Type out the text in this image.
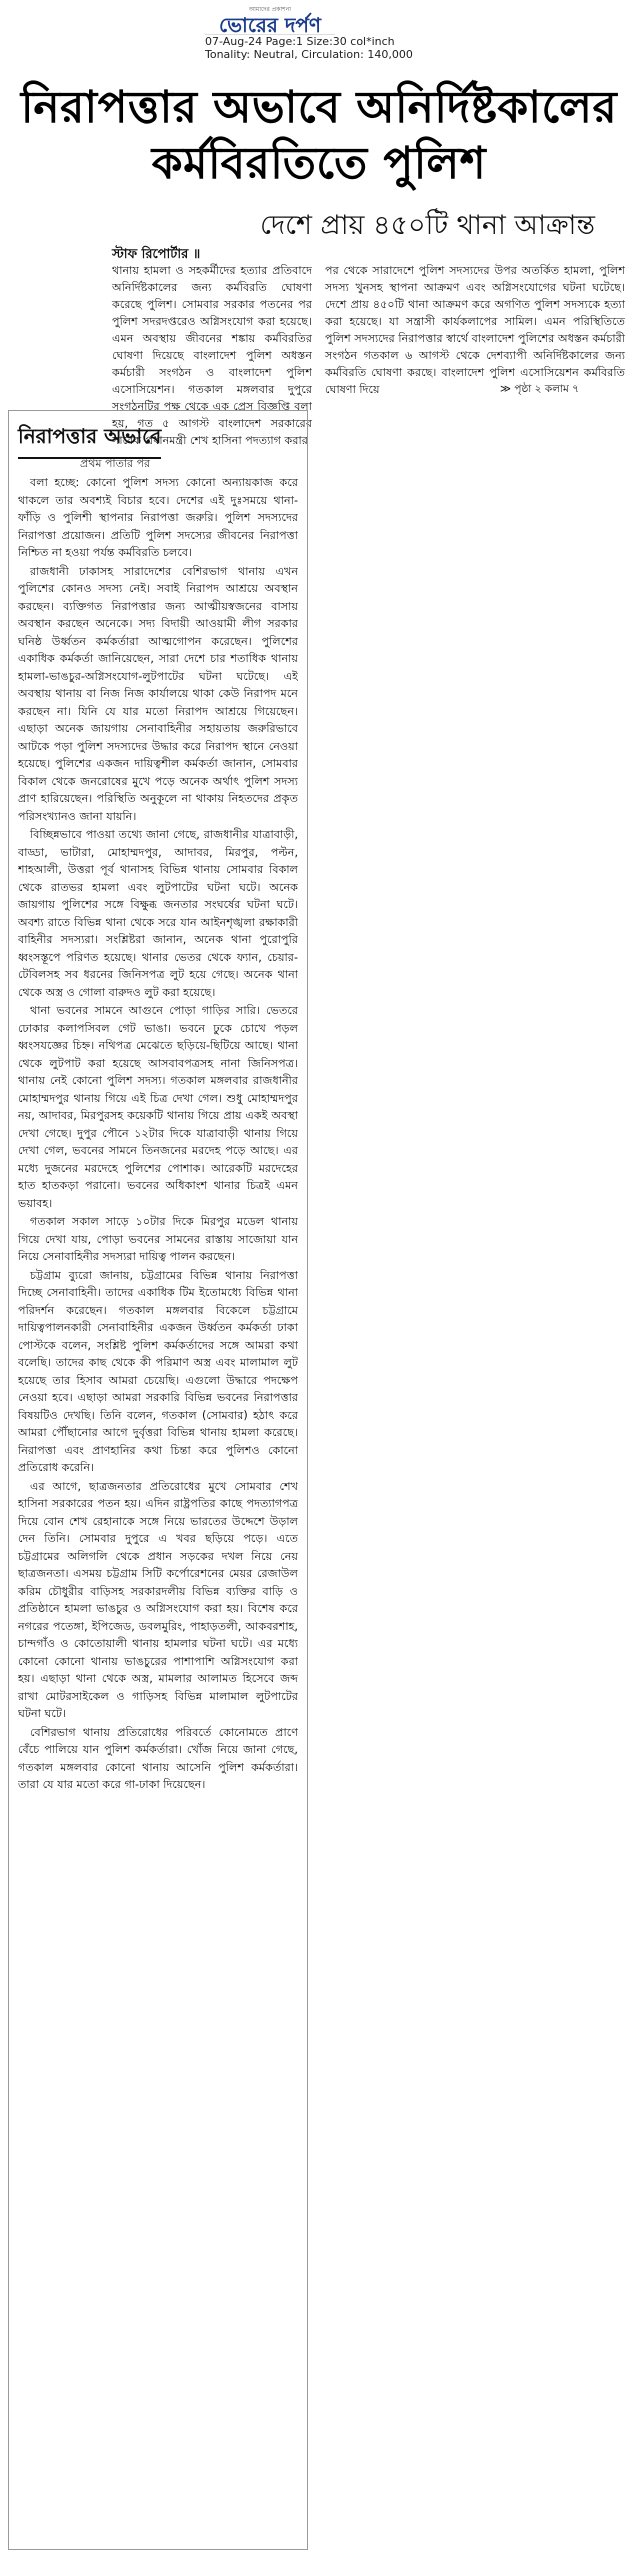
আমাদের প্রকাশনা
ভোরের দর্পণ
07-Aug-24 Page:1 Size:30 col*inch
Tonality: Neutral, Circulation: 140,000
নিরাপত্তার অভাবে অনির্দিষ্টকালের কর্মবিরতিতে পুলিশ
দেশে প্রায় ৪৫০টি থানা আক্রান্ত
স্টাফ রিপোর্টার ॥
থানায় হামলা ও সহকর্মীদের হত্যার প্রতিবাদে অনির্দিষ্টকালের জন্য কর্মবিরতি ঘোষণা করেছে পুলিশ। সোমবার সরকার পতনের পর পুলিশ সদরদপ্তরেও অগ্নিসংযোগ করা হয়েছে। এমন অবস্থায় জীবনের শঙ্কায় কর্মবিরতির ঘোষণা দিয়েছে বাংলাদেশ পুলিশ অধস্তন কর্মচারী সংগঠন ও বাংলাদেশ পুলিশ এসোসিয়েশন। গতকাল মঙ্গলবার দুপুরে সংগঠনটির পক্ষ থেকে এক প্রেস বিজ্ঞপ্তি বলা হয়, গত ৫ আগস্ট বাংলাদেশ সরকারের সাবেক প্রধানমন্ত্রী শেখ হাসিনা পদত্যাগ করার
পর থেকে সারাদেশে পুলিশ সদস্যদের উপর অতর্কিত হামলা, পুলিশ সদস্য খুনসহ স্থাপনা আক্রমণ এবং অগ্নিসংযোগের ঘটনা ঘটেছে। দেশে প্রায় ৪৫০টি থানা আক্রমণ করে অগণিত পুলিশ সদস্যকে হত্যা করা হয়েছে। যা সন্ত্রাসী কার্যকলাপের সামিল। এমন পরিস্থিতিতে পুলিশ সদস্যদের নিরাপত্তার স্বার্থে বাংলাদেশ পুলিশের অধস্তন কর্মচারী সংগঠন গতকাল ৬ আগস্ট থেকে দেশব্যাপী অনির্দিষ্টকালের জন্য কর্মবিরতি ঘোষণা করছে। বাংলাদেশ পুলিশ এসোসিয়েশন কর্মবিরতি ঘোষণা দিয়ে	≫ পৃষ্ঠা ২ কলাম ৭
নিরাপত্তার অভাবে
প্রথম পাতার পর

বলা হচ্ছে: কোনো পুলিশ সদস্য কোনো অন্যায়কাজ করে থাকলে তার অবশ্যই বিচার হবে। দেশের এই দুঃসময়ে থানা-ফাঁড়ি ও পুলিশী স্থাপনার নিরাপত্তা জরুরি। পুলিশ সদস্যদের নিরাপত্তা প্রয়োজন। প্রতিটি পুলিশ সদস্যের জীবনের নিরাপত্তা নিশ্চিত না হওয়া পর্যন্ত কর্মবিরতি চলবে।

রাজধানী ঢাকাসহ সারাদেশের বেশিরভাগ থানায় এখন পুলিশের কোনও সদস্য নেই। সবাই নিরাপদ আশ্রয়ে অবস্থান করছেন। ব্যক্তিগত নিরাপত্তার জন্য আত্মীয়স্বজনের বাসায় অবস্থান করছেন অনেকে। সদ্য বিদায়ী আওয়ামী লীগ সরকার ঘনিষ্ঠ উর্ধ্বতন কর্মকর্তারা আত্মগোপন করেছেন। পুলিশের একাধিক কর্মকর্তা জানিয়েছেন, সারা দেশে চার শতাধিক থানায় হামলা-ভাঙচুর-অগ্নিসংযোগ-লুটপাটের ঘটনা ঘটেছে। এই অবস্থায় থানায় বা নিজ নিজ কার্যালয়ে থাকা কেউ নিরাপদ মনে করছেন না। যিনি যে যার মতো নিরাপদ আশ্রয়ে গিয়েছেন। এছাড়া অনেক জায়গায় সেনাবাহিনীর সহায়তায় জরুরিভাবে আটকে পড়া পুলিশ সদস্যদের উদ্ধার করে নিরাপদ স্থানে নেওয়া হয়েছে। পুলিশের একজন দায়িত্বশীল কর্মকর্তা জানান, সোমবার বিকাল থেকে জনরোষের মুখে পড়ে অনেক অর্থাৎ পুলিশ সদস্য প্রাণ হারিয়েছেন। পরিস্থিতি অনুকূলে না থাকায় নিহতদের প্রকৃত পরিসংখ্যানও জানা যায়নি।

বিচ্ছিন্নভাবে পাওয়া তথ্যে জানা গেছে, রাজধানীর যাত্রাবাড়ী, বাড্ডা, ভাটারা, মোহাম্মদপুর, আদাবর, মিরপুর, পল্টন, শাহআলী, উত্তরা পূর্ব থানাসহ বিভিন্ন থানায় সোমবার বিকাল থেকে রাতভর হামলা এবং লুটপাটের ঘটনা ঘটে। অনেক জায়গায় পুলিশের সঙ্গে বিক্ষুব্ধ জনতার সংঘর্ষের ঘটনা ঘটে। অবশ্য রাতে বিভিন্ন থানা থেকে সরে যান আইনশৃঙ্খলা রক্ষাকারী বাহিনীর সদস্যরা। সংশ্লিষ্টরা জানান, অনেক থানা পুরোপুরি ধ্বংসস্তূপে পরিণত হয়েছে। থানার ভেতর থেকে ফ্যান, চেয়ার-টেবিলসহ সব ধরনের জিনিসপত্র লুট হয়ে গেছে। অনেক থানা থেকে অস্ত্র ও গোলা বারুদও লুট করা হয়েছে।

থানা ভবনের সামনে আগুনে পোড়া গাড়ির সারি। ভেতরে ঢোকার কলাপসিবল গেট ভাঙা। ভবনে ঢুকে চোখে পড়ল ধ্বংসযজ্ঞের চিহ্ন। নথিপত্র মেঝেতে ছড়িয়ে-ছিটিয়ে আছে। থানা থেকে লুটপাট করা হয়েছে আসবাবপত্রসহ নানা জিনিসপত্র। থানায় নেই কোনো পুলিশ সদস্য। গতকাল মঙ্গলবার রাজধানীর মোহাম্মদপুর থানায় গিয়ে এই চিত্র দেখা গেল। শুধু মোহাম্মদপুর নয়, আদাবর, মিরপুরসহ কয়েকটি থানায় গিয়ে প্রায় একই অবস্থা দেখা গেছে। দুপুর পৌনে ১২টার দিকে যাত্রাবাড়ী থানায় গিয়ে দেখা গেল, ভবনের সামনে তিনজনের মরদেহ পড়ে আছে। এর মধ্যে দুজনের মরদেহে পুলিশের পোশাক। আরেকটি মরদেহের হাত হাতকড়া পরানো। ভবনের অধিকাংশ থানার চিত্রই এমন ভয়াবহ।

গতকাল সকাল সাড়ে ১০টার দিকে মিরপুর মডেল থানায় গিয়ে দেখা যায়, পোড়া ভবনের সামনের রাস্তায় সাজোয়া যান নিয়ে সেনাবাহিনীর সদস্যরা দায়িত্ব পালন করছেন।

চট্টগ্রাম ব্যুরো জানায়, চট্টগ্রামের বিভিন্ন থানায় নিরাপত্তা দিচ্ছে সেনাবাহিনী। তাদের একাধিক টিম ইতোমধ্যে বিভিন্ন থানা পরিদর্শন করেছেন। গতকাল মঙ্গলবার বিকেলে চট্টগ্রামে দায়িত্বপালনকারী সেনাবাহিনীর একজন উর্ধ্বতন কর্মকর্তা ঢাকা পোস্টকে বলেন, সংশ্লিষ্ট পুলিশ কর্মকর্তাদের সঙ্গে আমরা কথা বলেছি। তাদের কাছ থেকে কী পরিমাণ অস্ত্র এবং মালামাল লুট হয়েছে তার হিসাব আমরা চেয়েছি। এগুলো উদ্ধারে পদক্ষেপ নেওয়া হবে। এছাড়া আমরা সরকারি বিভিন্ন ভবনের নিরাপত্তার বিষয়টিও দেখছি। তিনি বলেন, গতকাল (সোমবার) হঠাৎ করে আমরা পৌঁছানোর আগে দুর্বৃত্তরা বিভিন্ন থানায় হামলা করেছে। নিরাপত্তা এবং প্রাণহানির কথা চিন্তা করে পুলিশও কোনো প্রতিরোধ করেনি।

এর আগে, ছাত্রজনতার প্রতিরোধের মুখে সোমবার শেখ হাসিনা সরকারের পতন হয়। এদিন রাষ্ট্রপতির কাছে পদত্যাগপত্র দিয়ে বোন শেখ রেহানাকে সঙ্গে নিয়ে ভারতের উদ্দেশে উড়াল দেন তিনি। সোমবার দুপুরে এ খবর ছড়িয়ে পড়ে। এতে চট্টগ্রামের অলিগলি থেকে প্রধান সড়কের দখল নিয়ে নেয় ছাত্রজনতা। এসময় চট্টগ্রাম সিটি কর্পোরেশনের মেয়র রেজাউল করিম চৌধুরীর বাড়িসহ সরকারদলীয় বিভিন্ন ব্যক্তির বাড়ি ও প্রতিষ্ঠানে হামলা ভাঙচুর ও অগ্নিসংযোগ করা হয়। বিশেষ করে নগরের পতেঙ্গা, ইপিজেড, ডবলমুরিং, পাহাড়তলী, আকবরশাহ, চান্দগাঁও ও কোতোয়ালী থানায় হামলার ঘটনা ঘটে। এর মধ্যে কোনো কোনো থানায় ভাঙচুরের পাশাপাশি অগ্নিসংযোগ করা হয়। এছাড়া থানা থেকে অস্ত্র, মামলার আলামত হিসেবে জব্দ রাখা মোটরসাইকেল ও গাড়িসহ বিভিন্ন মালামাল লুটপাটের ঘটনা ঘটে।

বেশিরভাগ থানায় প্রতিরোধের পরিবর্তে কোনোমতে প্রাণে বেঁচে পালিয়ে যান পুলিশ কর্মকর্তারা। খোঁজ নিয়ে জানা গেছে, গতকাল মঙ্গলবার কোনো থানায় আসেনি পুলিশ কর্মকর্তারা। তারা যে যার মতো করে গা-ঢাকা দিয়েছেন।
